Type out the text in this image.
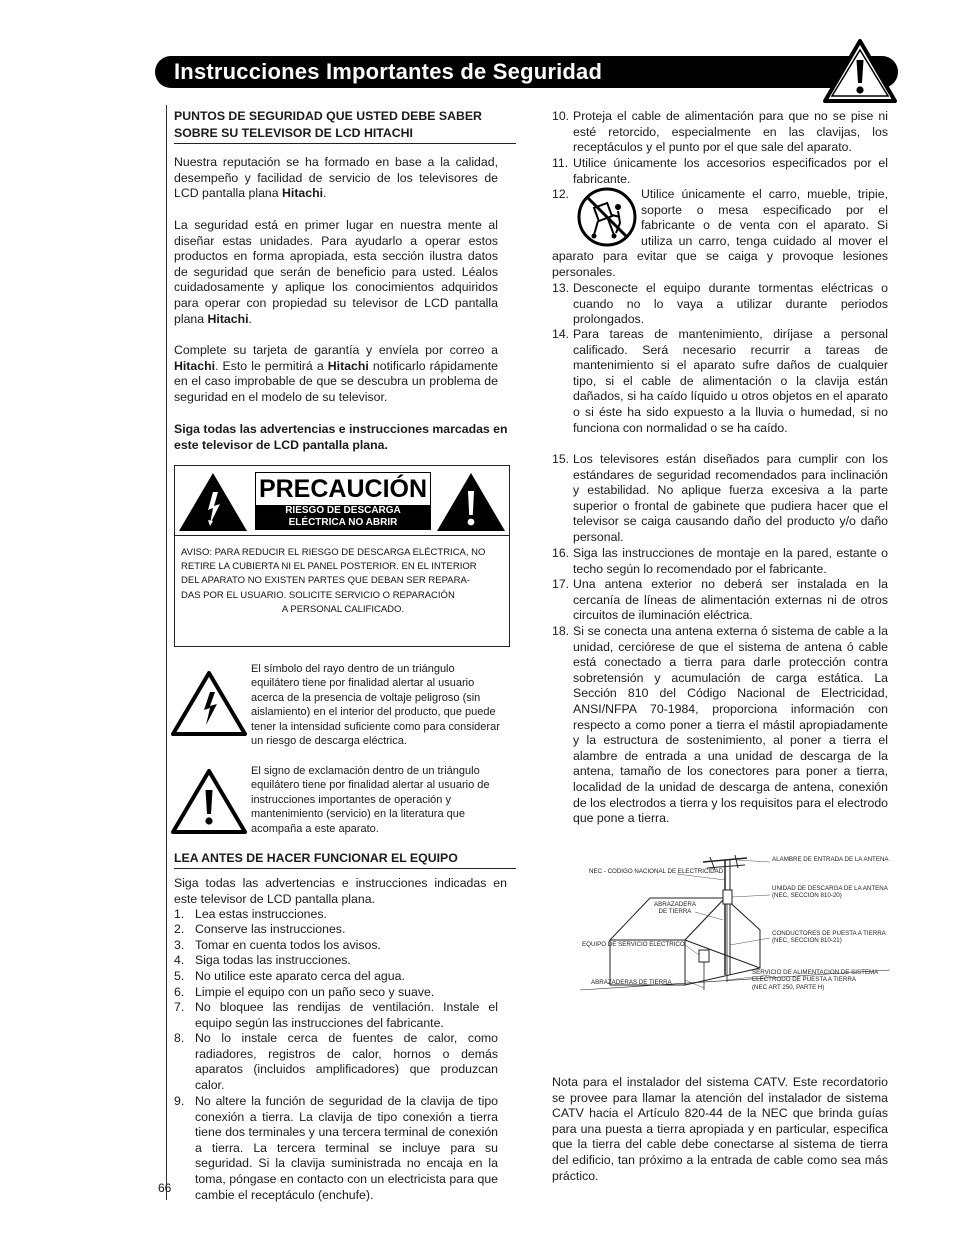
Instrucciones Importantes de Seguridad
66
PUNTOS DE SEGURIDAD QUE USTED DEBE SABER SOBRE SU TELEVISOR DE LCD HITACHI
Nuestra reputación se ha formado en base a la calidad, desempeño y facilidad de servicio de los televisores de LCD pantalla plana Hitachi.
La seguridad está en primer lugar en nuestra mente al diseñar estas unidades. Para ayudarlo a operar estos productos en forma apropiada, esta sección ilustra datos de seguridad que serán de beneficio para usted. Léalos cuidadosamente y aplique los conocimientos adquiridos para operar con propiedad su televisor de LCD pantalla plana Hitachi.
Complete su tarjeta de garantía y envíela por correo a Hitachi. Esto le permitirá a Hitachi notificarlo rápidamente en el caso improbable de que se descubra un problema de seguridad en el modelo de su televisor.
Siga todas las advertencias e instrucciones marcadas en este televisor de LCD pantalla plana.
PRECAUCIÓN
RIESGO DE DESCARGA
ELÉCTRICA NO ABRIR
AVISO: PARA REDUCIR EL RIESGO DE DESCARGA ELÉCTRICA, NO
RETIRE LA CUBIERTA NI EL PANEL POSTERIOR. EN EL INTERIOR
DEL APARATO NO EXISTEN PARTES QUE DEBAN SER REPARA-
DAS POR EL USUARIO. SOLICITE SERVICIO O REPARACIÓN
A PERSONAL CALIFICADO.
El símbolo del rayo dentro de un triángulo equilátero tiene por finalidad alertar al usuario acerca de la presencia de voltaje peligroso (sin aislamiento) en el interior del producto, que puede tener la intensidad suficiente como para considerar un riesgo de descarga eléctrica.
El signo de exclamación dentro de un triángulo equilátero tiene por finalidad alertar al usuario de instrucciones importantes de operación y mantenimiento (servicio) en la literatura que acompaña a este aparato.
LEA ANTES DE HACER FUNCIONAR EL EQUIPO
Siga todas las advertencias e instrucciones indicadas en este televisor de LCD pantalla plana.
1. Lea estas instrucciones.
2. Conserve las instrucciones.
3. Tomar en cuenta todos los avisos.
4. Siga todas las instrucciones.
5. No utilice este aparato cerca del agua.
6. Limpie el equipo con un paño seco y suave.
7. No bloquee las rendijas de ventilación. Instale el equipo según las instrucciones del fabricante.
8. No lo instale cerca de fuentes de calor, como radiadores, registros de calor, hornos o demás aparatos (incluidos amplificadores) que produzcan calor.
9. No altere la función de seguridad de la clavija de tipo conexión a tierra. La clavija de tipo conexión a tierra tiene dos terminales y una tercera terminal de conexión a tierra. La tercera terminal se incluye para su seguridad. Si la clavija suministrada no encaja en la toma, póngase en contacto con un electricista para que cambie el receptáculo (enchufe).
10. Proteja el cable de alimentación para que no se pise ni esté retorcido, especialmente en las clavijas, los receptáculos y el punto por el que sale del aparato.
11. Utilice únicamente los accesorios especificados por el fabricante.
12.	Utilice únicamente el carro, mueble, tripie, soporte o mesa especificado por el fabricante o de venta con el aparato. Si utiliza un carro, tenga cuidado al mover el aparato para evitar que se caiga y provoque lesiones personales.
13. Desconecte el equipo durante tormentas eléctricas o cuando no lo vaya a utilizar durante periodos prolongados.
14. Para tareas de mantenimiento, diríjase a personal calificado. Será necesario recurrir a tareas de mantenimiento si el aparato sufre daños de cualquier tipo, si el cable de alimentación o la clavija están dañados, si ha caído líquido u otros objetos en el aparato o si éste ha sido expuesto a la lluvia o humedad, si no funciona con normalidad o se ha caído.
15. Los televisores están diseñados para cumplir con los estándares de seguridad recomendados para inclinación y estabilidad. No aplique fuerza excesiva a la parte superior o frontal de gabinete que pudiera hacer que el televisor se caiga causando daño del producto y/o daño personal.
16. Siga las instrucciones de montaje en la pared, estante o techo según lo recomendado por el fabricante.
17. Una antena exterior no deberá ser instalada en la cercanía de líneas de alimentación externas ni de otros circuitos de iluminación eléctrica.
18. Si se conecta una antena externa ó sistema de cable a la unidad, cerciórese de que el sistema de antena ó cable está conectado a tierra para darle protección contra sobretensión y acumulación de carga estática. La Sección 810 del Código Nacional de Electricidad, ANSI/NFPA 70-1984, proporciona información con respecto a como poner a tierra el mástil apropiadamente y la estructura de sostenimiento, al poner a tierra el alambre de entrada a una unidad de descarga de la antena, tamaño de los conectores para poner a tierra, localidad de la unidad de descarga de antena, conexión de los electrodos a tierra y los requisitos para el electrodo que pone a tierra.
NEC - CODIGO NACIONAL DE ELECTRICIDAD
ABRAZADERA
DE TIERRA
EQUIPO DE SERVICIO ELECTRICO
ABRAZADERAS DE TIERRA
ALAMBRE DE ENTRADA DE LA ANTENA
UNIDAD DE DESCARGA DE LA ANTENA
(NEC, SECCION 810-20)
CONDUCTORES DE PUESTA A TIERRA
(NEC, SECCION 810-21)
SERVICIO DE ALIMENTACION DE SISTEMA
ELECTRODO DE PUESTA A TIERRA
(NEC ART 250, PARTE H)
Nota para el instalador del sistema CATV. Este recordatorio se provee para llamar la atención del instalador de sistema CATV hacia el Artículo 820-44 de la NEC que brinda guías para una puesta a tierra apropiada y en particular, especifica que la tierra del cable debe conectarse al sistema de tierra del edificio, tan próximo a la entrada de cable como sea más práctico.
